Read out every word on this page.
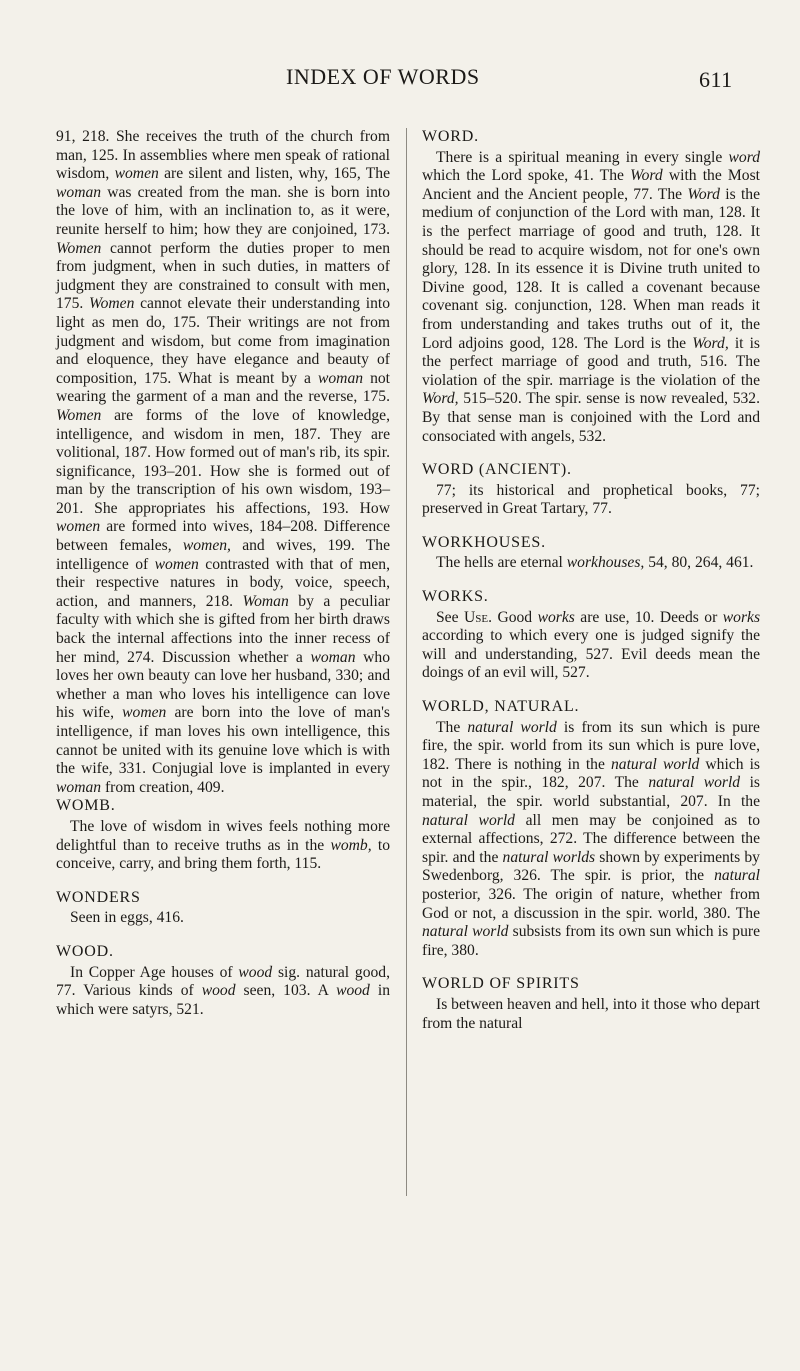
INDEX OF WORDS	611

91, 218. She receives the truth of the church from man, 125. In assemblies where men speak of rational wisdom, women are silent and listen, why, 165, The woman was created from the man. she is born into the love of him, with an inclination to, as it were, reunite herself to him; how they are conjoined, 173. Women cannot perform the duties proper to men from judgment, when in such duties, in matters of judgment they are constrained to consult with men, 175. Women cannot elevate their understanding into light as men do, 175. Their writings are not from judgment and wisdom, but come from imagination and eloquence, they have elegance and beauty of composition, 175. What is meant by a woman not wearing the garment of a man and the reverse, 175. Women are forms of the love of knowledge, intelligence, and wisdom in men, 187. They are volitional, 187. How formed out of man's rib, its spir. significance, 193–201. How she is formed out of man by the transcription of his own wisdom, 193–201. She appropriates his affections, 193. How women are formed into wives, 184–208. Difference between females, women, and wives, 199. The intelligence of women contrasted with that of men, their respective natures in body, voice, speech, action, and manners, 218. Woman by a peculiar faculty with which she is gifted from her birth draws back the internal affections into the inner recess of her mind, 274. Discussion whether a woman who loves her own beauty can love her husband, 330; and whether a man who loves his intelligence can love his wife, women are born into the love of man's intelligence, if man loves his own intelligence, this cannot be united with its genuine love which is with the wife, 331. Conjugial love is implanted in every woman from creation, 409.

WOMB.
The love of wisdom in wives feels nothing more delightful than to receive truths as in the womb, to conceive, carry, and bring them forth, 115.
WONDERS
Seen in eggs, 416.
WOOD.
In Copper Age houses of wood sig. natural good, 77. Various kinds of wood seen, 103. A wood in which were satyrs, 521.
WORD.
There is a spiritual meaning in every single word which the Lord spoke, 41. The Word with the Most Ancient and the Ancient people, 77. The Word is the medium of conjunction of the Lord with man, 128. It is the perfect marriage of good and truth, 128. It should be read to acquire wisdom, not for one's own glory, 128. In its essence it is Divine truth united to Divine good, 128. It is called a covenant because covenant sig. conjunction, 128. When man reads it from understanding and takes truths out of it, the Lord adjoins good, 128. The Lord is the Word, it is the perfect marriage of good and truth, 516. The violation of the spir. marriage is the violation of the Word, 515–520. The spir. sense is now revealed, 532. By that sense man is conjoined with the Lord and consociated with angels, 532.
WORD (ANCIENT).
77; its historical and prophetical books, 77; preserved in Great Tartary, 77.
WORKHOUSES.
The hells are eternal workhouses, 54, 80, 264, 461.
WORKS.
See Use. Good works are use, 10. Deeds or works according to which every one is judged signify the will and understanding, 527. Evil deeds mean the doings of an evil will, 527.
WORLD, NATURAL.
The natural world is from its sun which is pure fire, the spir. world from its sun which is pure love, 182. There is nothing in the natural world which is not in the spir., 182, 207. The natural world is material, the spir. world substantial, 207. In the natural world all men may be conjoined as to external affections, 272. The difference between the spir. and the natural worlds shown by experiments by Swedenborg, 326. The spir. is prior, the natural posterior, 326. The origin of nature, whether from God or not, a discussion in the spir. world, 380. The natural world subsists from its own sun which is pure fire, 380.
WORLD OF SPIRITS
Is between heaven and hell, into it those who depart from the natural
